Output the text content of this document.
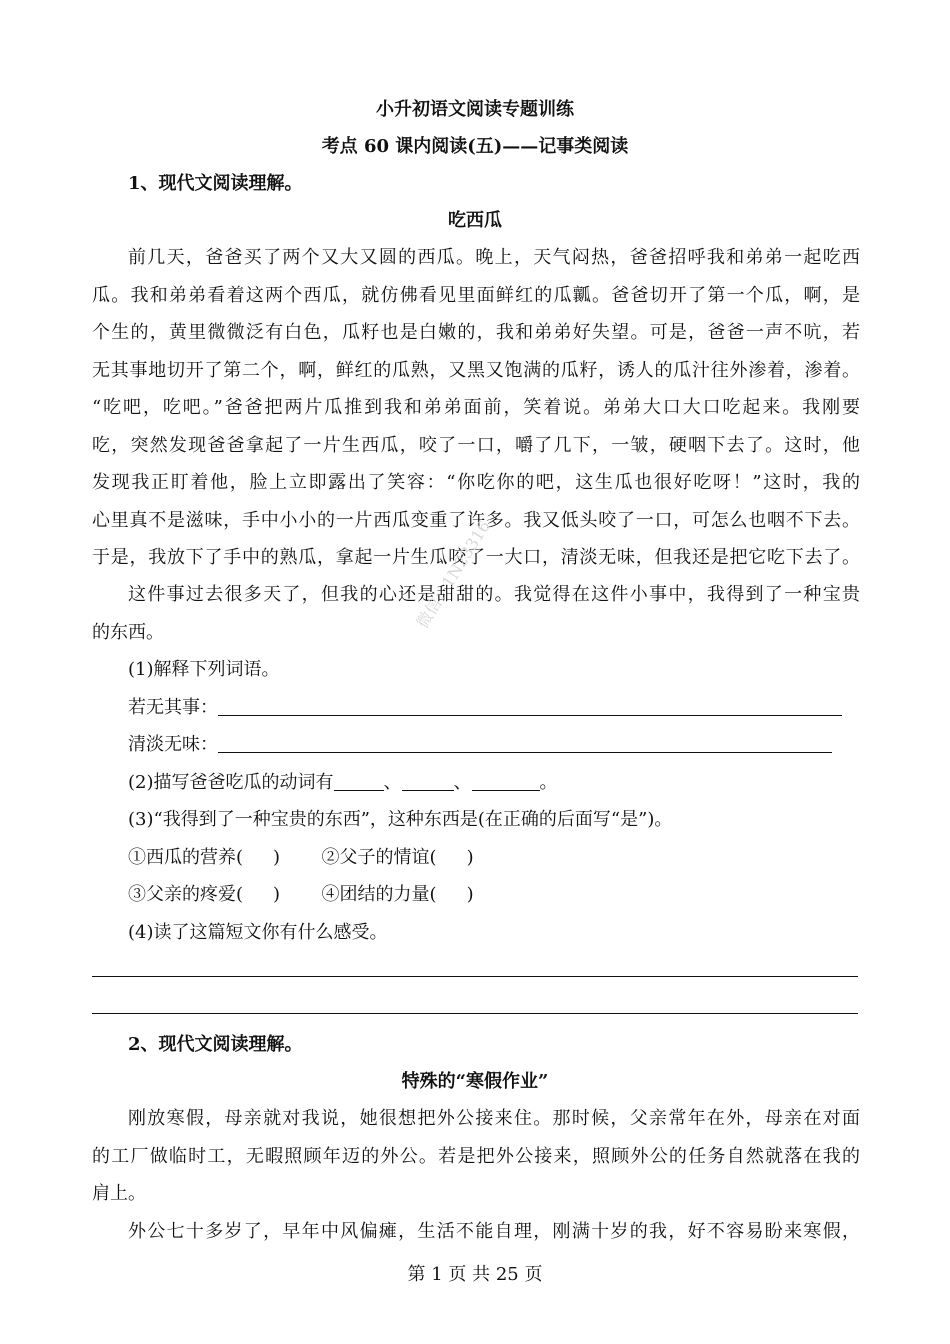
小升初语文阅读专题训练
考点 60 课内阅读(五)——记事类阅读
1、现代文阅读理解。
吃西瓜
前几天，爸爸买了两个又大又圆的西瓜。晚上，天气闷热，爸爸招呼我和弟弟一起吃西
瓜。我和弟弟看着这两个西瓜，就仿佛看见里面鲜红的瓜瓤。爸爸切开了第一个瓜，啊，是
个生的，黄里微微泛有白色，瓜籽也是白嫩的，我和弟弟好失望。可是，爸爸一声不吭，若
无其事地切开了第二个，啊，鲜红的瓜熟，又黑又饱满的瓜籽，诱人的瓜汁往外渗着，渗着。
“吃吧，吃吧。”爸爸把两片瓜推到我和弟弟面前，笑着说。弟弟大口大口吃起来。我刚要
吃，突然发现爸爸拿起了一片生西瓜，咬了一口，嚼了几下，一皱，硬咽下去了。这时，他
发现我正盯着他，脸上立即露出了笑容：“你吃你的吧，这生瓜也很好吃呀！”这时，我的
心里真不是滋味，手中小小的一片西瓜变重了许多。我又低头咬了一口，可怎么也咽不下去。
于是，我放下了手中的熟瓜，拿起一片生瓜咬了一大口，清淡无味，但我还是把它吃下去了。
这件事过去很多天了，但我的心还是甜甜的。我觉得在这件小事中，我得到了一种宝贵
的东西。
(1)解释下列词语。
若无其事：
清淡无味：
(2)描写爸爸吃瓜的动词有	、	、	。
(3)“我得到了一种宝贵的东西”，这种东西是(在正确的后面写“是”)。
①西瓜的营养( ) ②父子的情谊( )
③父亲的疼爱( ) ④团结的力量( )
(4)读了这篇短文你有什么感受。
2、现代文阅读理解。
特殊的“寒假作业”
刚放寒假，母亲就对我说，她很想把外公接来住。那时候，父亲常年在外，母亲在对面
的工厂做临时工，无暇照顾年迈的外公。若是把外公接来，照顾外公的任务自然就落在我的
肩上。
外公七十多岁了，早年中风偏瘫，生活不能自理，刚满十岁的我，好不容易盼来寒假，
第 1 页 共 25 页
微信：1N23316
